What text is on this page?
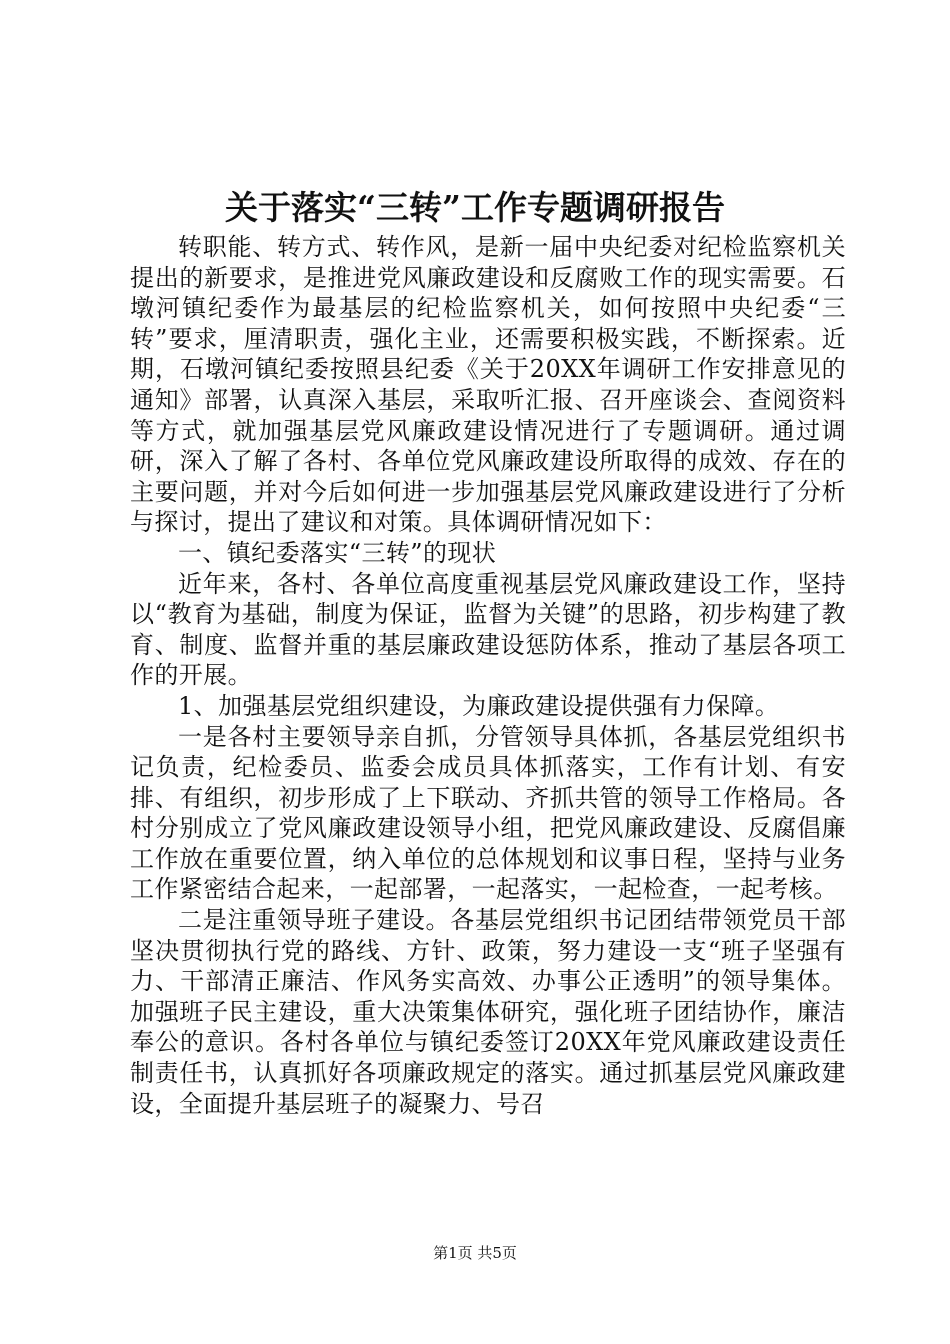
关于落实“三转”工作专题调研报告

转职能、转方式、转作风，是新一届中央纪委对纪检监察机关提出的新要求，是推进党风廉政建设和反腐败工作的现实需要。石墩河镇纪委作为最基层的纪检监察机关，如何按照中央纪委“三转”要求，厘清职责，强化主业，还需要积极实践，不断探索。近期，石墩河镇纪委按照县纪委《关于20XX年调研工作安排意见的通知》部署，认真深入基层，采取听汇报、召开座谈会、查阅资料等方式，就加强基层党风廉政建设情况进行了专题调研。通过调研，深入了解了各村、各单位党风廉政建设所取得的成效、存在的主要问题，并对今后如何进一步加强基层党风廉政建设进行了分析与探讨，提出了建议和对策。具体调研情况如下：

一、镇纪委落实“三转”的现状

近年来，各村、各单位高度重视基层党风廉政建设工作，坚持以“教育为基础，制度为保证，监督为关键”的思路，初步构建了教育、制度、监督并重的基层廉政建设惩防体系，推动了基层各项工作的开展。

1、加强基层党组织建设，为廉政建设提供强有力保障。

一是各村主要领导亲自抓，分管领导具体抓，各基层党组织书记负责，纪检委员、监委会成员具体抓落实，工作有计划、有安排、有组织，初步形成了上下联动、齐抓共管的领导工作格局。各村分别成立了党风廉政建设领导小组，把党风廉政建设、反腐倡廉工作放在重要位置，纳入单位的总体规划和议事日程，坚持与业务工作紧密结合起来，一起部署，一起落实，一起检查，一起考核。

二是注重领导班子建设。各基层党组织书记团结带领党员干部坚决贯彻执行党的路线、方针、政策，努力建设一支“班子坚强有力、干部清正廉洁、作风务实高效、办事公正透明”的领导集体。加强班子民主建设，重大决策集体研究，强化班子团结协作，廉洁奉公的意识。各村各单位与镇纪委签订20XX年党风廉政建设责任制责任书，认真抓好各项廉政规定的落实。通过抓基层党风廉政建设，全面提升基层班子的凝聚力、号召

第1页 共5页
